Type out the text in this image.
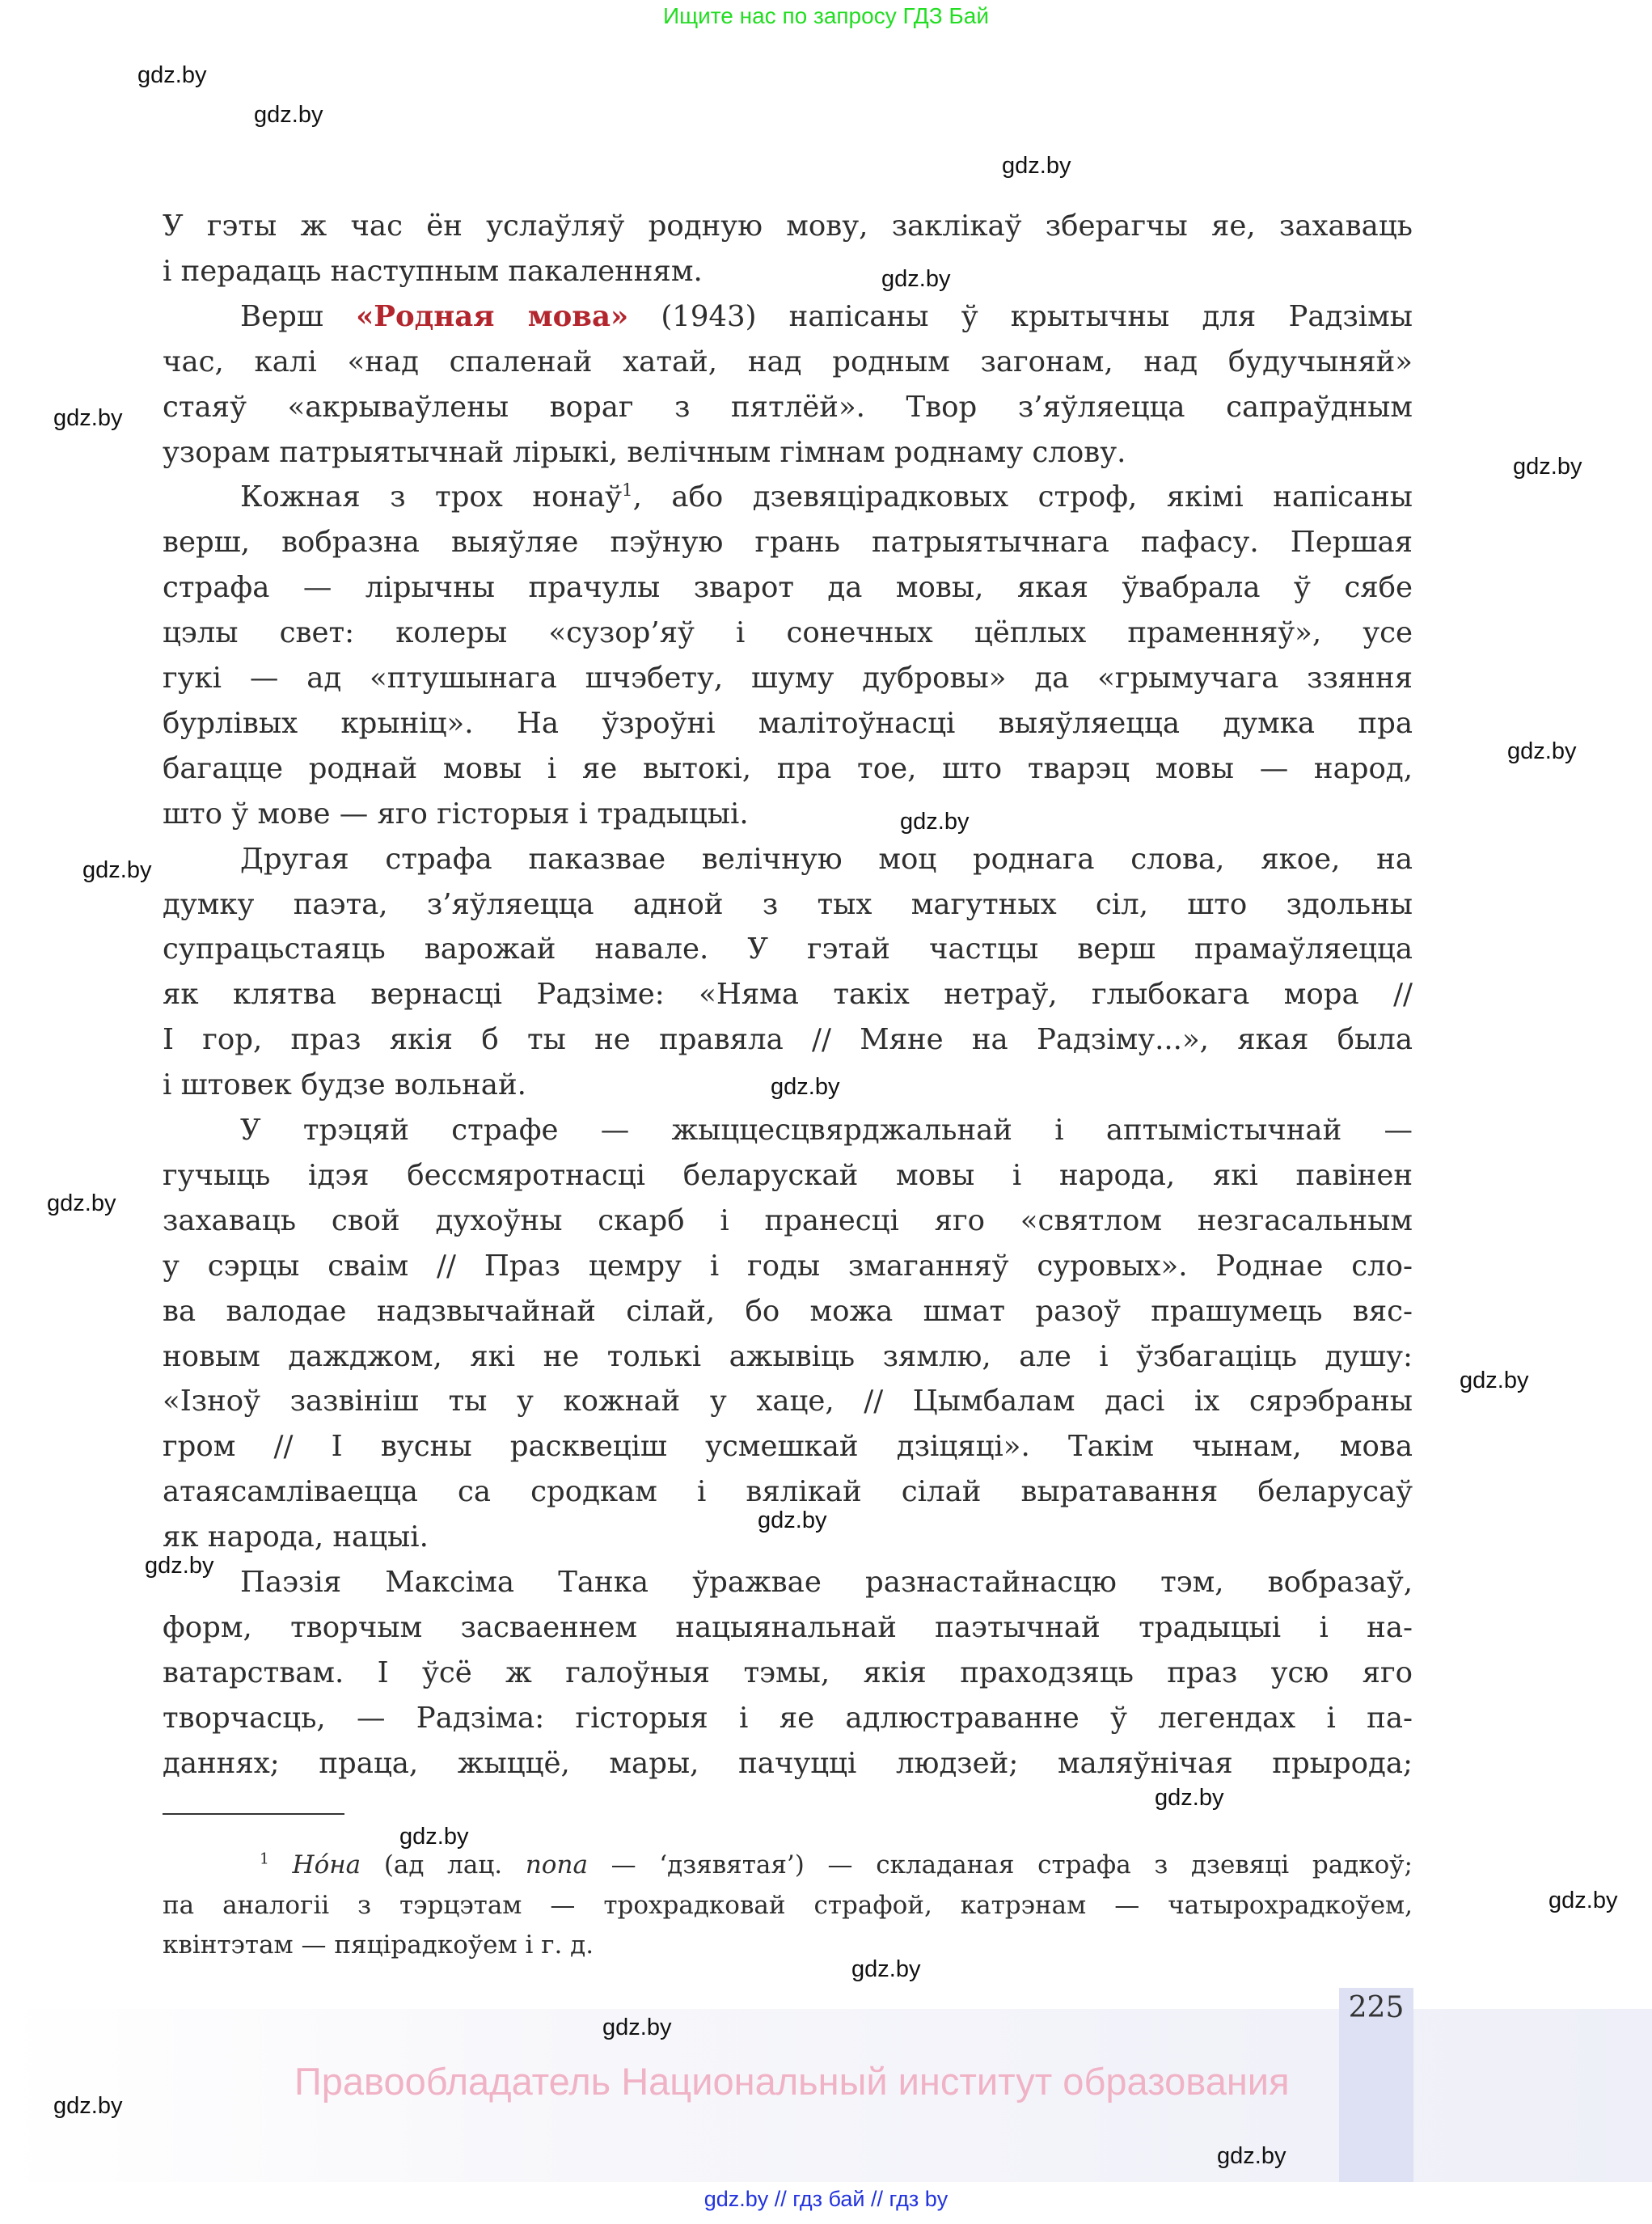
Ищите нас по запросу ГДЗ Бай
У гэты ж час ён услаўляў родную мову, заклікаў зберагчы яе, захаваць
і перадаць наступным пакаленням.
Верш «Родная мова» (1943) напісаны ў крытычны для Радзімы
час, калі «над спаленай хатай, над родным загонам, над будучыняй»
стаяў «акрываўлены вораг з пятлёй». Твор з’яўляецца сапраўдным
узорам патрыятычнай лірыкі, велічным гімнам роднаму слову.
Кожная з трох нонаў$^1$, або дзевяцірадковых строф, якімі напісаны
верш, вобразна выяўляе пэўную грань патрыятычнага пафасу. Першая
страфа — лірычны прачулы зварот да мовы, якая ўвабрала ў сябе
цэлы свет: колеры «сузор’яў і сонечных цёплых праменняў», усе
гукі — ад «птушынага шчэбету, шуму дубровы» да «грымучага ззяння
бурлівых крыніц». На ўзроўні малітоўнасці выяўляецца думка пра
багацце роднай мовы і яе вытокі, пра тое, што тварэц мовы — народ,
што ў мове — яго гісторыя і традыцыі.
Другая страфа паказвае велічную моц роднага слова, якое, на
думку паэта, з’яўляецца адной з тых магутных сіл, што здольны
супрацьстаяць варожай навале. У гэтай частцы верш прамаўляецца
як клятва вернасці Радзіме: «Няма такіх нетраў, глыбокага мора //
І гор, праз якія б ты не правяла // Мяне на Радзіму...», якая была
і штовек будзе вольнай.
У трэцяй страфе — жыццесцвярджальнай і аптымістычнай —
гучыць ідэя бессмяротнасці беларускай мовы і народа, які павінен
захаваць свой духоўны скарб і пранесці яго «святлом незгасальным
у сэрцы сваім // Праз цемру і годы змаганняў суровых». Роднае сло-
ва валодае надзвычайнай сілай, бо можа шмат разоў прашумець вяс-
новым дажджом, які не толькі ажывіць зямлю, але і ўзбагаціць душу:
«Ізноў зазвініш ты у кожнай у хаце, // Цымбалам дасі іх сярэбраны
гром // І вусны расквеціш усмешкай дзіцяці». Такім чынам, мова
атаясамліваецца са сродкам і вялікай сілай выратавання беларусаў
як народа, нацыі.
Паэзія Максіма Танка ўражвае разнастайнасцю тэм, вобразаў,
форм, творчым засваеннем нацыянальнай паэтычнай традыцыі і на-
ватарствам. І ўсё ж галоўныя тэмы, якія праходзяць праз усю яго
творчасць, — Радзіма: гісторыя і яе адлюстраванне ў легендах і па-
даннях; праца, жыццё, мары, пачуцці людзей; маляўнічая прырода;
$^1$ Но́на (ад лац. nona — ‘дзявятая’) — складаная страфа з дзевяці радкоў;
па аналогіі з тэрцэтам — трохрадковай страфой, катрэнам — чатырохрадкоўем,
квінтэтам — пяцірадкоўем і г. д.
225
Правообладатель Национальный институт образования
gdz.by // гдз бай // гдз by
gdz.by
gdz.by
gdz.by
gdz.by
gdz.by
gdz.by
gdz.by
gdz.by
gdz.by
gdz.by
gdz.by
gdz.by
gdz.by
gdz.by
gdz.by
gdz.by
gdz.by
gdz.by
gdz.by
gdz.by
gdz.by
